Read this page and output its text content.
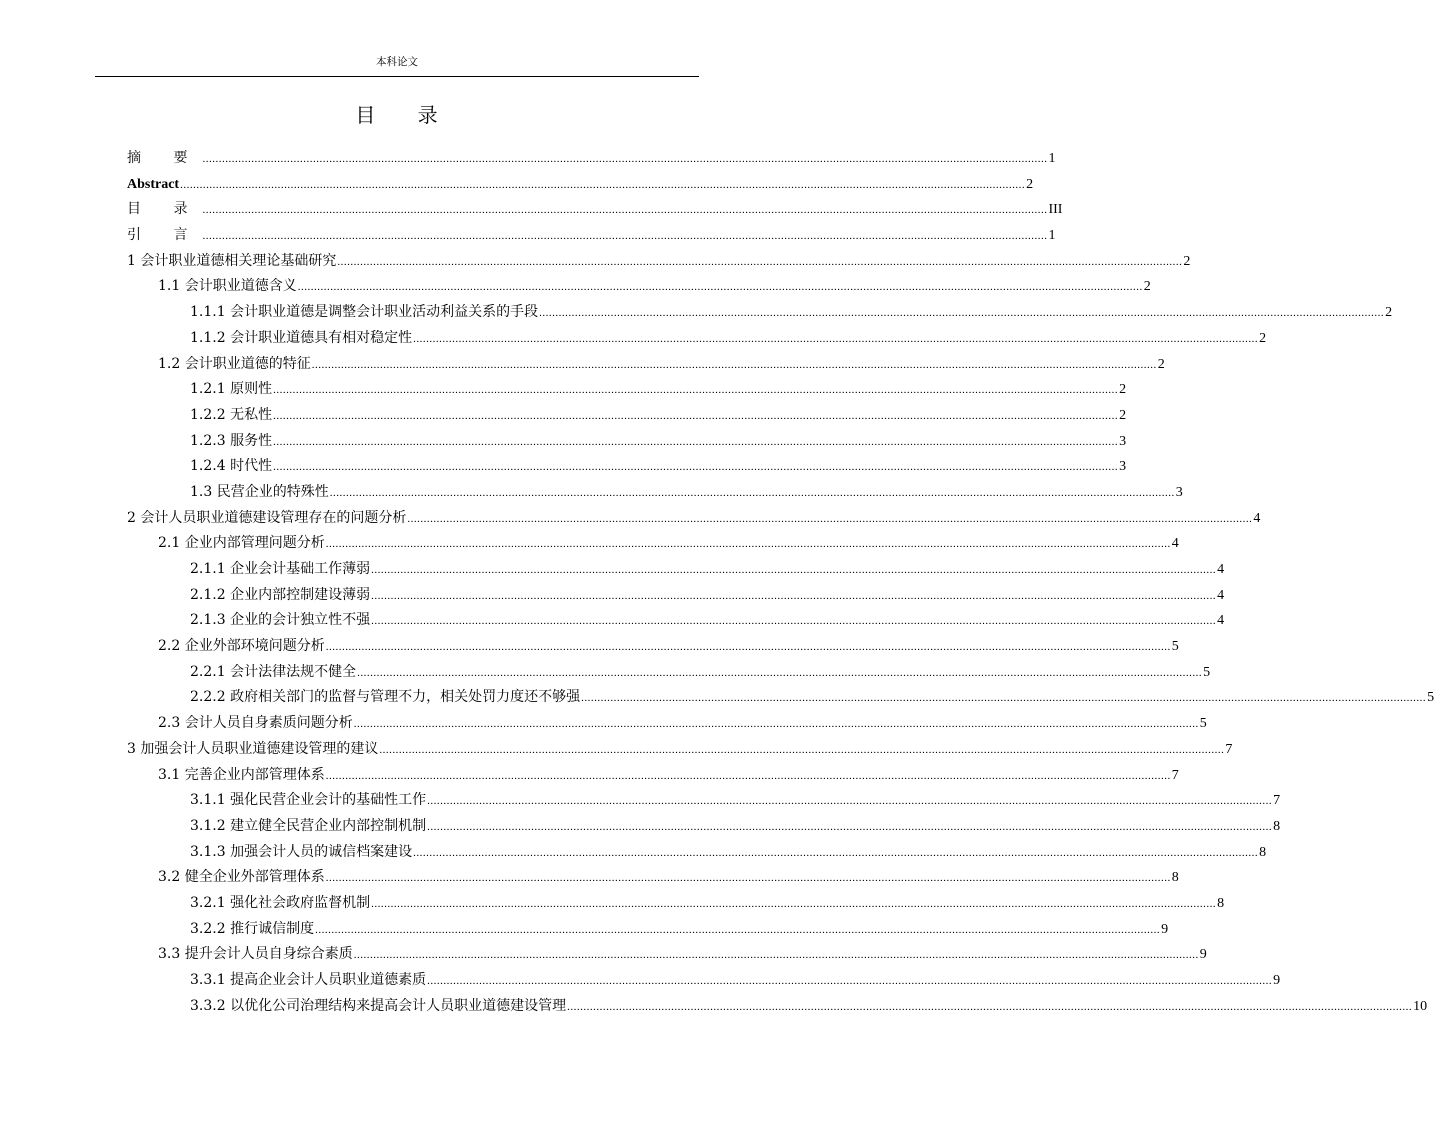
本科论文
目 录
摘 要 .................................................................................................................................................................................................................................................................... 1
Abstract .................................................................................................................................................................................................................................................................... 2
目 录 .................................................................................................................................................................................................................................................................... III
引 言 .................................................................................................................................................................................................................................................................... 1
1 会计职业道德相关理论基础研究 .................................................................................................................................................................................................................................................................... 2
1.1 会计职业道德含义 .................................................................................................................................................................................................................................................................... 2
1.1.1 会计职业道德是调整会计职业活动利益关系的手段 .................................................................................................................................................................................................................................................................... 2
1.1.2 会计职业道德具有相对稳定性 .................................................................................................................................................................................................................................................................... 2
1.2 会计职业道德的特征 .................................................................................................................................................................................................................................................................... 2
1.2.1 原则性 .................................................................................................................................................................................................................................................................... 2
1.2.2 无私性 .................................................................................................................................................................................................................................................................... 2
1.2.3 服务性 .................................................................................................................................................................................................................................................................... 3
1.2.4 时代性 .................................................................................................................................................................................................................................................................... 3
1.3 民营企业的特殊性 .................................................................................................................................................................................................................................................................... 3
2 会计人员职业道德建设管理存在的问题分析 .................................................................................................................................................................................................................................................................... 4
2.1 企业内部管理问题分析 .................................................................................................................................................................................................................................................................... 4
2.1.1 企业会计基础工作薄弱 .................................................................................................................................................................................................................................................................... 4
2.1.2 企业内部控制建设薄弱 .................................................................................................................................................................................................................................................................... 4
2.1.3 企业的会计独立性不强 .................................................................................................................................................................................................................................................................... 4
2.2 企业外部环境问题分析 .................................................................................................................................................................................................................................................................... 5
2.2.1 会计法律法规不健全 .................................................................................................................................................................................................................................................................... 5
2.2.2 政府相关部门的监督与管理不力，相关处罚力度还不够强 .................................................................................................................................................................................................................................................................... 5
2.3 会计人员自身素质问题分析 .................................................................................................................................................................................................................................................................... 5
3 加强会计人员职业道德建设管理的建议 .................................................................................................................................................................................................................................................................... 7
3.1 完善企业内部管理体系 .................................................................................................................................................................................................................................................................... 7
3.1.1 强化民营企业会计的基础性工作 .................................................................................................................................................................................................................................................................... 7
3.1.2 建立健全民营企业内部控制机制 .................................................................................................................................................................................................................................................................... 8
3.1.3 加强会计人员的诚信档案建设 .................................................................................................................................................................................................................................................................... 8
3.2 健全企业外部管理体系 .................................................................................................................................................................................................................................................................... 8
3.2.1 强化社会政府监督机制 .................................................................................................................................................................................................................................................................... 8
3.2.2 推行诚信制度 .................................................................................................................................................................................................................................................................... 9
3.3 提升会计人员自身综合素质 .................................................................................................................................................................................................................................................................... 9
3.3.1 提高企业会计人员职业道德素质 .................................................................................................................................................................................................................................................................... 9
3.3.2 以优化公司治理结构来提高会计人员职业道德建设管理 .................................................................................................................................................................................................................................................................... 10
